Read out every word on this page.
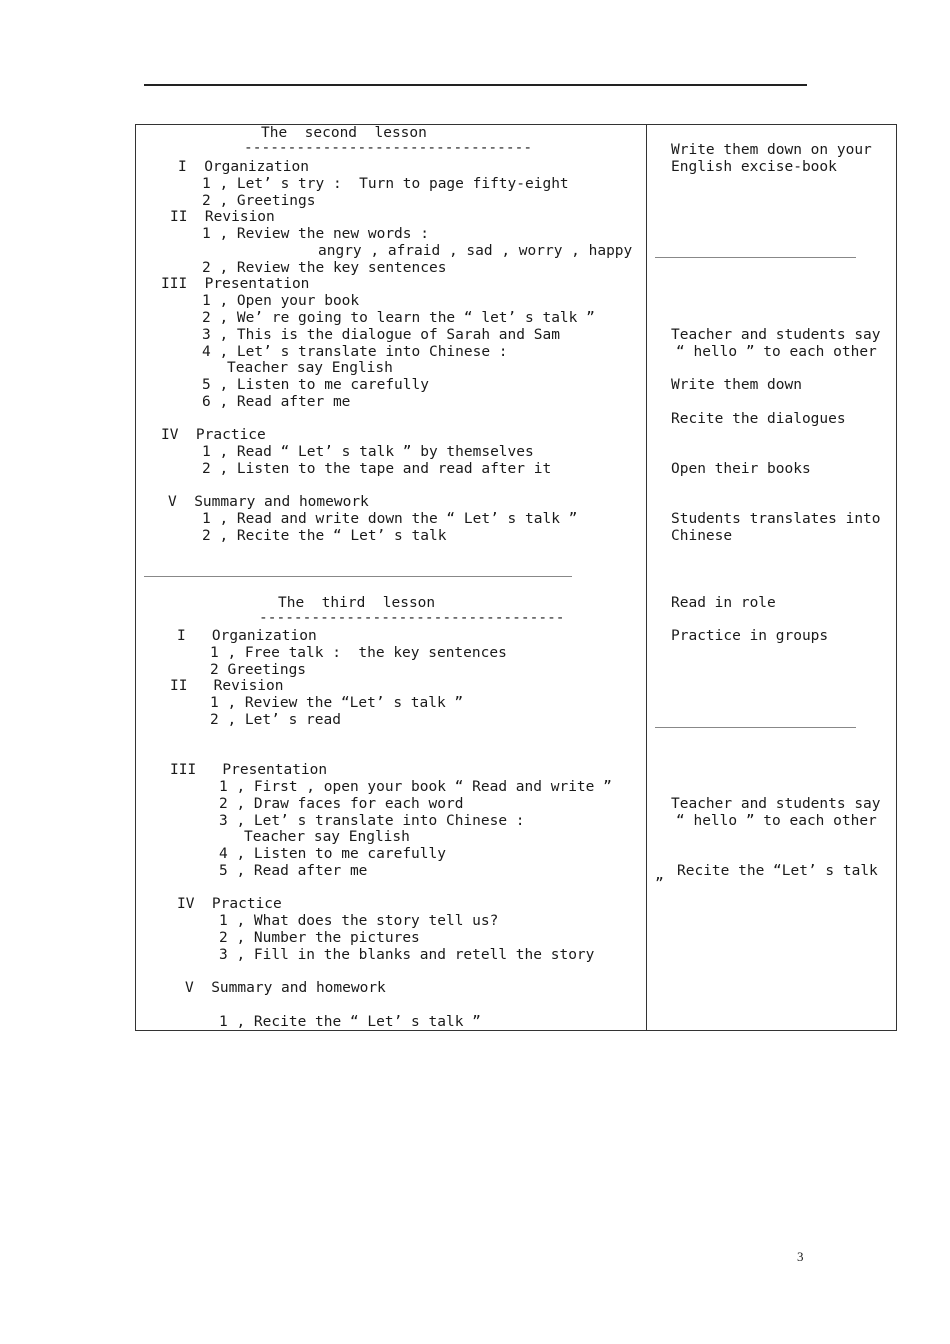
The  second  lesson
---------------------------------
I  Organization
1 , Let’ s try :  Turn to page fifty-eight
2 , Greetings
II  Revision
1 , Review the new words :
angry , afraid , sad , worry , happy
2 , Review the key sentences
III  Presentation
1 , Open your book
2 , We’ re going to learn the “ let’ s talk ”
3 , This is the dialogue of Sarah and Sam
4 , Let’ s translate into Chinese :
Teacher say English
5 , Listen to me carefully
6 , Read after me
IV  Practice
1 , Read “ Let’ s talk ” by themselves
2 , Listen to the tape and read after it
V  Summary and homework
1 , Read and write down the “ Let’ s talk ”
2 , Recite the “ Let’ s talk
The  third  lesson
-----------------------------------
I   Organization
1 , Free talk :  the key sentences
2 Greetings
II   Revision
1 , Review the “Let’ s talk ”
2 , Let’ s read
III   Presentation
1 , First , open your book “ Read and write ”
2 , Draw faces for each word
3 , Let’ s translate into Chinese :
Teacher say English
4 , Listen to me carefully
5 , Read after me
IV  Practice
1 , What does the story tell us?
2 , Number the pictures
3 , Fill in the blanks and retell the story
V  Summary and homework
1 , Recite the “ Let’ s talk ”
Write them down on your
English excise-book
Teacher and students say
“ hello ” to each other
Write them down
Recite the dialogues
Open their books
Students translates into
Chinese
Read in role
Practice in groups
Teacher and students say
“ hello ” to each other
Recite the “Let’ s talk
”
3
